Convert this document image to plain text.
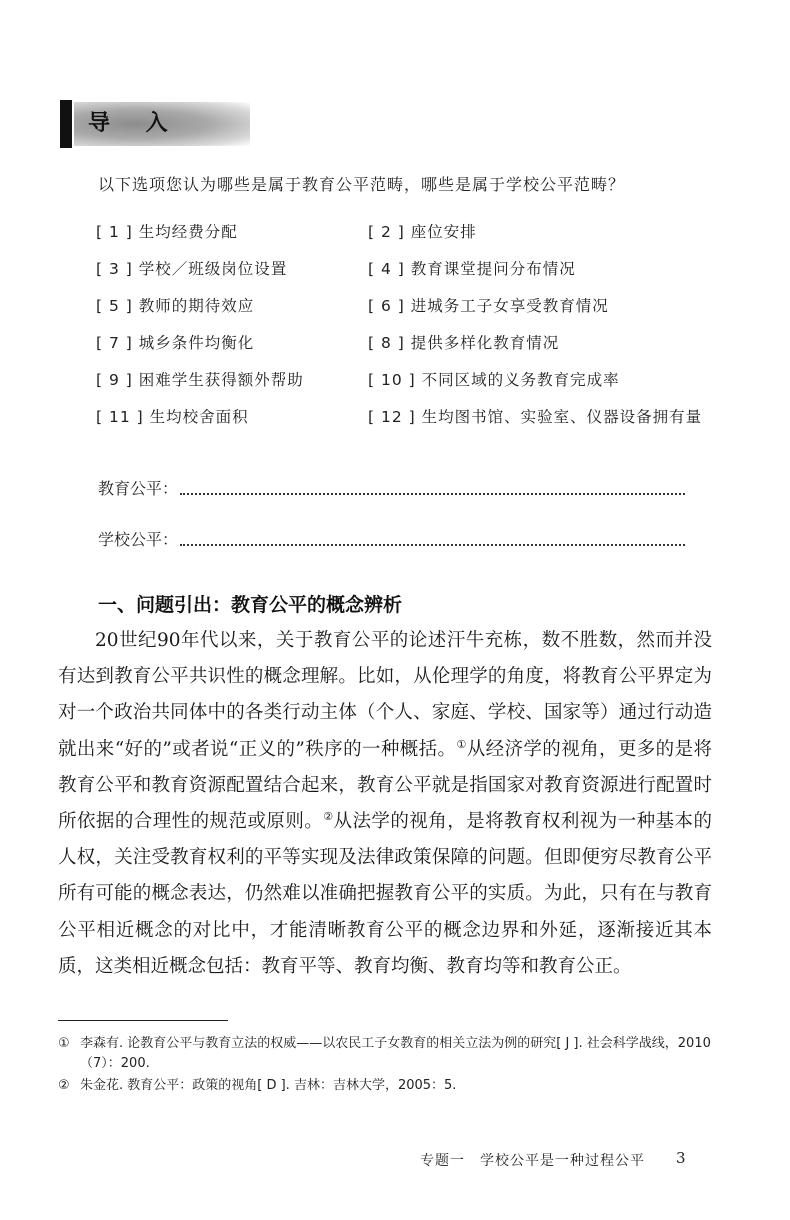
导 入
以下选项您认为哪些是属于教育公平范畴，哪些是属于学校公平范畴？
[ 1 ] 生均经费分配	[ 2 ] 座位安排
[ 3 ] 学校／班级岗位设置	[ 4 ] 教育课堂提问分布情况
[ 5 ] 教师的期待效应	[ 6 ] 进城务工子女享受教育情况
[ 7 ] 城乡条件均衡化	[ 8 ] 提供多样化教育情况
[ 9 ] 困难学生获得额外帮助	[ 10 ] 不同区域的义务教育完成率
[ 11 ] 生均校舍面积	[ 12 ] 生均图书馆、实验室、仪器设备拥有量
教育公平：
学校公平：
一、问题引出：教育公平的概念辨析
20世纪90年代以来，关于教育公平的论述汗牛充栋，数不胜数，然而并没有达到教育公平共识性的概念理解。比如，从伦理学的角度，将教育公平界定为对一个政治共同体中的各类行动主体（个人、家庭、学校、国家等）通过行动造就出来“好的”或者说“正义的”秩序的一种概括。①从经济学的视角，更多的是将教育公平和教育资源配置结合起来，教育公平就是指国家对教育资源进行配置时所依据的合理性的规范或原则。②从法学的视角，是将教育权利视为一种基本的人权，关注受教育权利的平等实现及法律政策保障的问题。但即便穷尽教育公平所有可能的概念表达，仍然难以准确把握教育公平的实质。为此，只有在与教育公平相近概念的对比中，才能清晰教育公平的概念边界和外延，逐渐接近其本质，这类相近概念包括：教育平等、教育均衡、教育均等和教育公正。
① 李森有. 论教育公平与教育立法的权威——以农民工子女教育的相关立法为例的研究[ J ]. 社会科学战线，2010（7）：200.
② 朱金花. 教育公平：政策的视角[ D ]. 吉林：吉林大学，2005：5.
专题一　学校公平是一种过程公平 3
